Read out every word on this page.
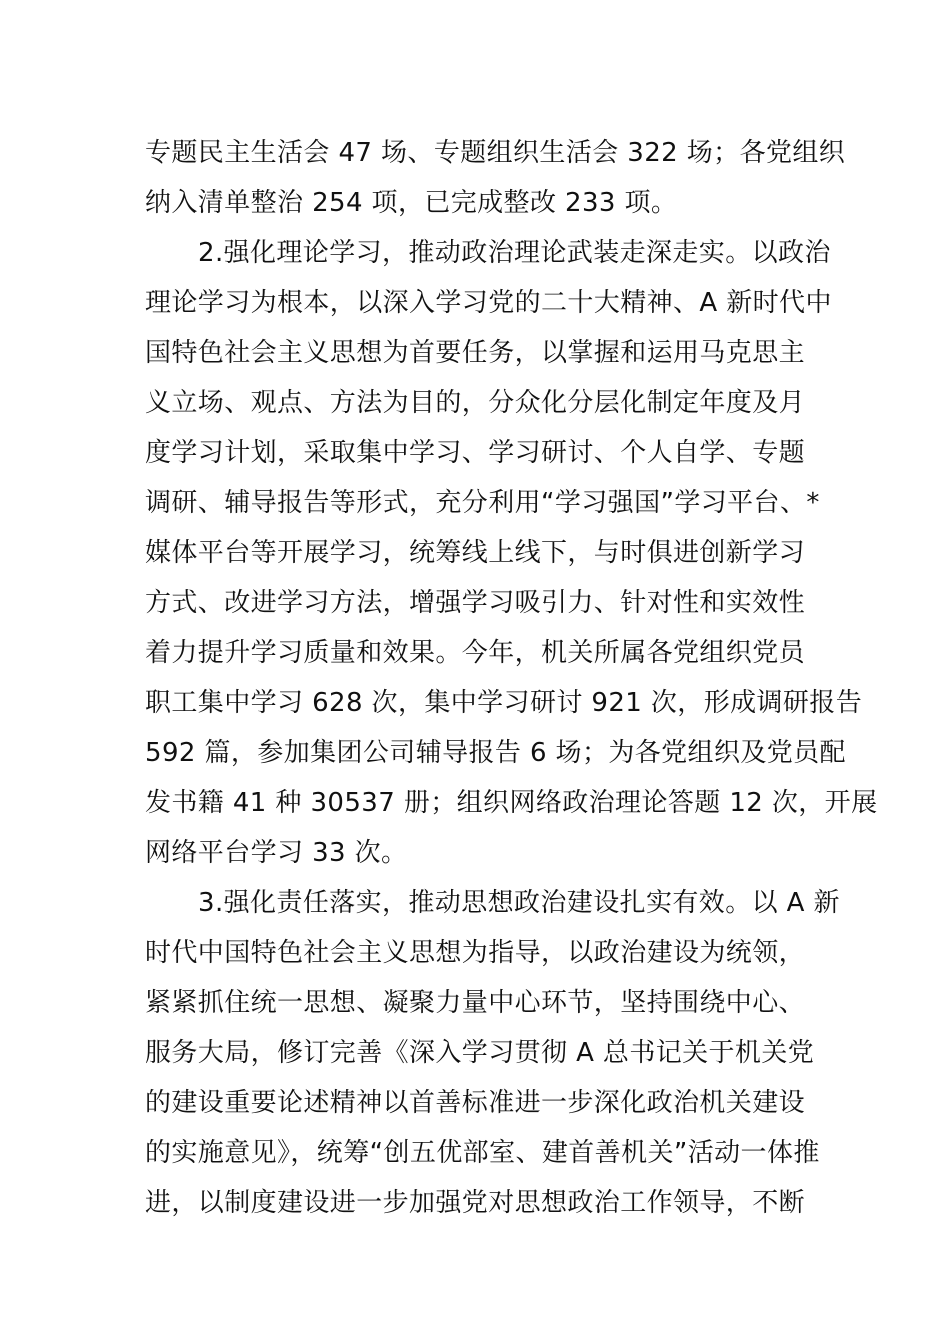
专题民主生活会 47 场、专题组织生活会 322 场；各党组织
纳入清单整治 254 项，已完成整改 233 项。
2.强化理论学习，推动政治理论武装走深走实。以政治
理论学习为根本，以深入学习党的二十大精神、A 新时代中
国特色社会主义思想为首要任务，以掌握和运用马克思主
义立场、观点、方法为目的，分众化分层化制定年度及月
度学习计划，采取集中学习、学习研讨、个人自学、专题
调研、辅导报告等形式，充分利用“学习强国”学习平台、*
媒体平台等开展学习，统筹线上线下，与时俱进创新学习
方式、改进学习方法，增强学习吸引力、针对性和实效性
着力提升学习质量和效果。今年，机关所属各党组织党员
职工集中学习 628 次，集中学习研讨 921 次，形成调研报告
592 篇，参加集团公司辅导报告 6 场；为各党组织及党员配
发书籍 41 种 30537 册；组织网络政治理论答题 12 次，开展
网络平台学习 33 次。
3.强化责任落实，推动思想政治建设扎实有效。以 A 新
时代中国特色社会主义思想为指导，以政治建设为统领，
紧紧抓住统一思想、凝聚力量中心环节，坚持围绕中心、
服务大局，修订完善《深入学习贯彻 A 总书记关于机关党
的建设重要论述精神以首善标准进一步深化政治机关建设
的实施意见》，统筹“创五优部室、建首善机关”活动一体推
进，以制度建设进一步加强党对思想政治工作领导，不断
